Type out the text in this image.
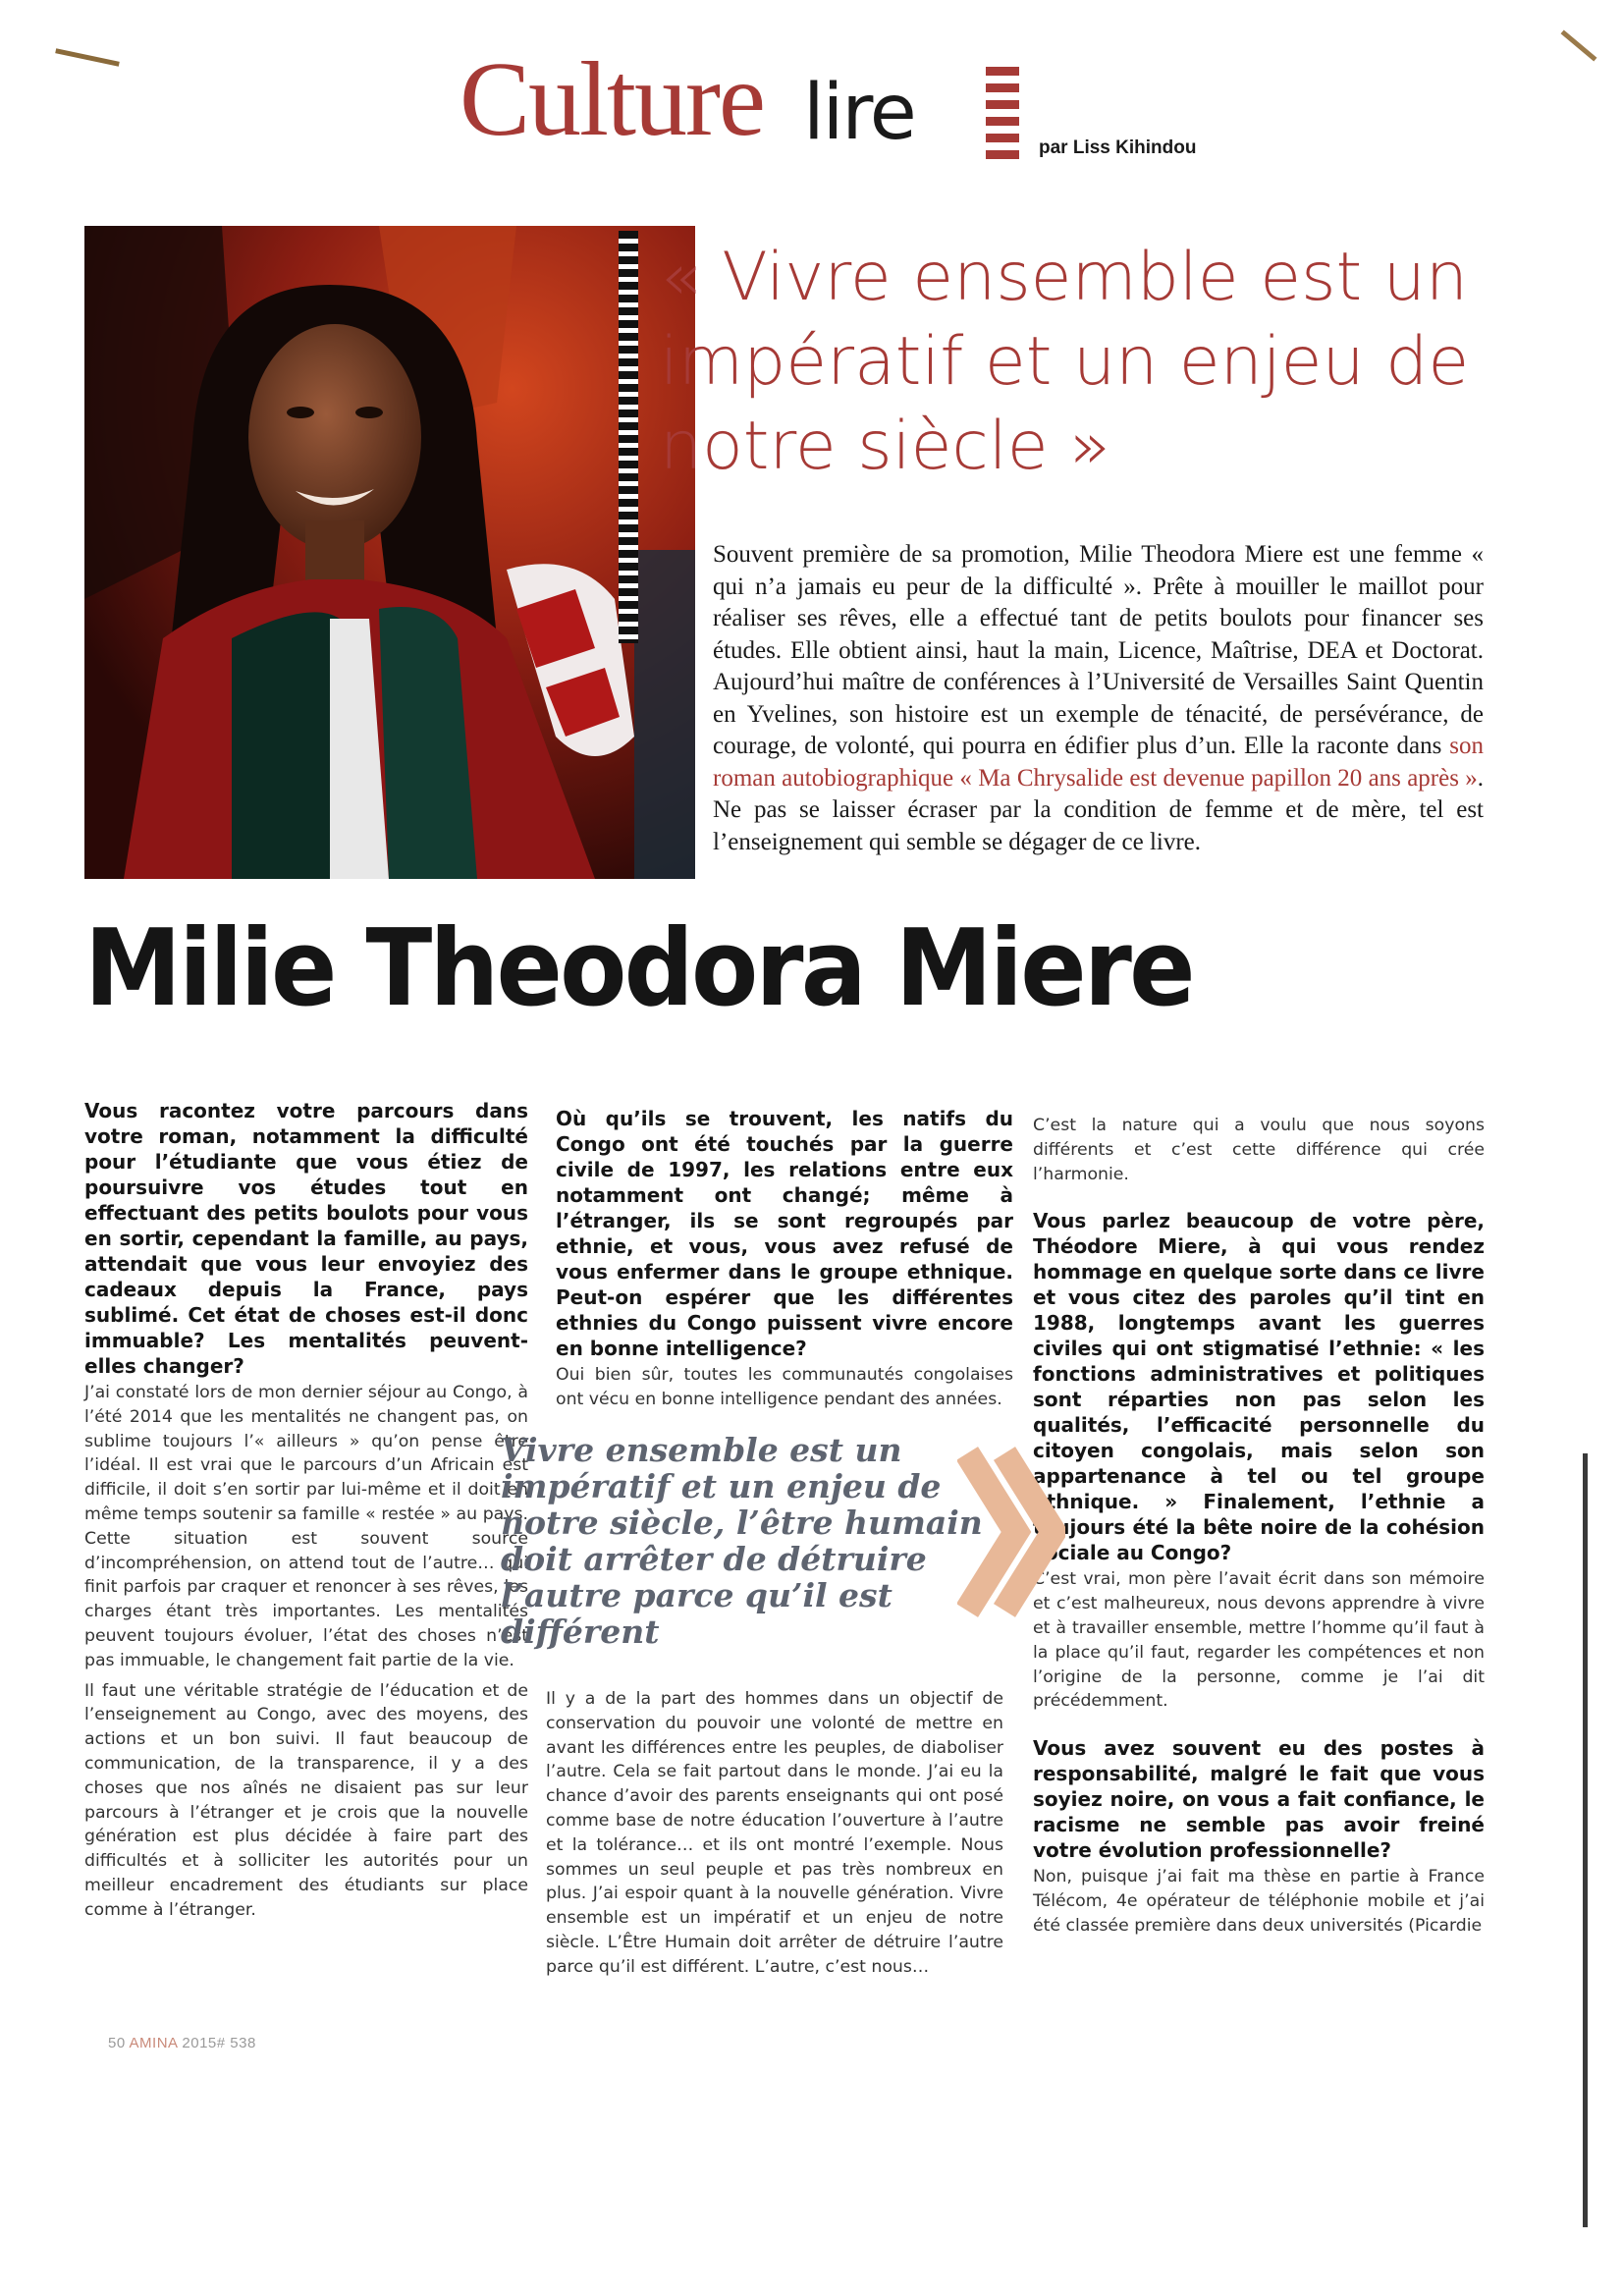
Culture lire	par Liss Kihindou
« Vivre ensemble est un impératif et un enjeu de notre siècle »
Souvent première de sa promotion, Milie Theodora Miere est une femme « qui n’a jamais eu peur de la difficulté ». Prête à mouiller le maillot pour réaliser ses rêves, elle a effectué tant de petits boulots pour financer ses études. Elle obtient ainsi, haut la main, Licence, Maîtrise, DEA et Doctorat. Aujourd’hui maître de conférences à l’Université de Versailles Saint Quentin en Yvelines, son histoire est un exemple de ténacité, de persévérance, de courage, de volonté, qui pourra en édifier plus d’un. Elle la raconte dans son roman autobiographique « Ma Chrysalide est devenue papillon 20 ans après ». Ne pas se laisser écraser par la condition de femme et de mère, tel est l’enseignement qui semble se dégager de ce livre.
Milie Theodora Miere

Vous racontez votre parcours dans votre roman, notamment la difficulté pour l’étudiante que vous étiez de poursuivre vos études tout en effectuant des petits boulots pour vous en sortir, cependant la famille, au pays, attendait que vous leur envoyiez des cadeaux depuis la France, pays sublimé. Cet état de choses est-il donc immuable? Les mentalités peuvent-elles changer?

J’ai constaté lors de mon dernier séjour au Congo, à l’été 2014 que les mentalités ne changent pas, on sublime toujours l’« ailleurs » qu’on pense être l’idéal. Il est vrai que le parcours d’un Africain est difficile, il doit s’en sortir par lui-même et il doit en même temps soutenir sa famille « restée » au pays. Cette situation est souvent source d’incompréhension, on attend tout de l’autre… qui finit parfois par craquer et renoncer à ses rêves, les charges étant très importantes. Les mentalités peuvent toujours évoluer, l’état des choses n’est pas immuable, le changement fait partie de la vie.

Il faut une véritable stratégie de l’éducation et de l’enseignement au Congo, avec des moyens, des actions et un bon suivi. Il faut beaucoup de communication, de la transparence, il y a des choses que nos aînés ne disaient pas sur leur parcours à l’étranger et je crois que la nouvelle génération est plus décidée à faire part des difficultés et à solliciter les autorités pour un meilleur encadrement des étudiants sur place comme à l’étranger.

Où qu’ils se trouvent, les natifs du Congo ont été touchés par la guerre civile de 1997, les relations entre eux notamment ont changé; même à l’étranger, ils se sont regroupés par ethnie, et vous, vous avez refusé de vous enfermer dans le groupe ethnique. Peut-on espérer que les différentes ethnies du Congo puissent vivre encore en bonne intelligence?

Oui bien sûr, toutes les communautés congolaises ont vécu en bonne intelligence pendant des années.

Il y a de la part des hommes dans un objectif de conservation du pouvoir une volonté de mettre en avant les différences entre les peuples, de diaboliser l’autre. Cela se fait partout dans le monde. J’ai eu la chance d’avoir des parents enseignants qui ont posé comme base de notre éducation l’ouverture à l’autre et la tolérance… et ils ont montré l’exemple. Nous sommes un seul peuple et pas très nombreux en plus. J’ai espoir quant à la nouvelle génération. Vivre ensemble est un impératif et un enjeu de notre siècle. L’Être Humain doit arrêter de détruire l’autre parce qu’il est différent. L’autre, c’est nous…

Vivre ensemble est un impératif et un enjeu de notre siècle, l’être humain doit arrêter de détruire l’autre parce qu’il est différent

C’est la nature qui a voulu que nous soyons différents et c’est cette différence qui crée l’harmonie.

Vous parlez beaucoup de votre père, Théodore Miere, à qui vous rendez hommage en quelque sorte dans ce livre et vous citez des paroles qu’il tint en 1988, longtemps avant les guerres civiles qui ont stigmatisé l’ethnie: « les fonctions administratives et politiques sont réparties non pas selon les qualités, l’efficacité personnelle du citoyen congolais, mais selon son appartenance à tel ou tel groupe ethnique. » Finalement, l’ethnie a toujours été la bête noire de la cohésion sociale au Congo?

C’est vrai, mon père l’avait écrit dans son mémoire et c’est malheureux, nous devons apprendre à vivre et à travailler ensemble, mettre l’homme qu’il faut à la place qu’il faut, regarder les compétences et non l’origine de la personne, comme je l’ai dit précédemment.

Vous avez souvent eu des postes à responsabilité, malgré le fait que vous soyiez noire, on vous a fait confiance, le racisme ne semble pas avoir freiné votre évolution professionnelle?

Non, puisque j’ai fait ma thèse en partie à France Télécom, 4e opérateur de téléphonie mobile et j’ai été classée première dans deux universités (Picardie

50 AMINA 2015# 538
